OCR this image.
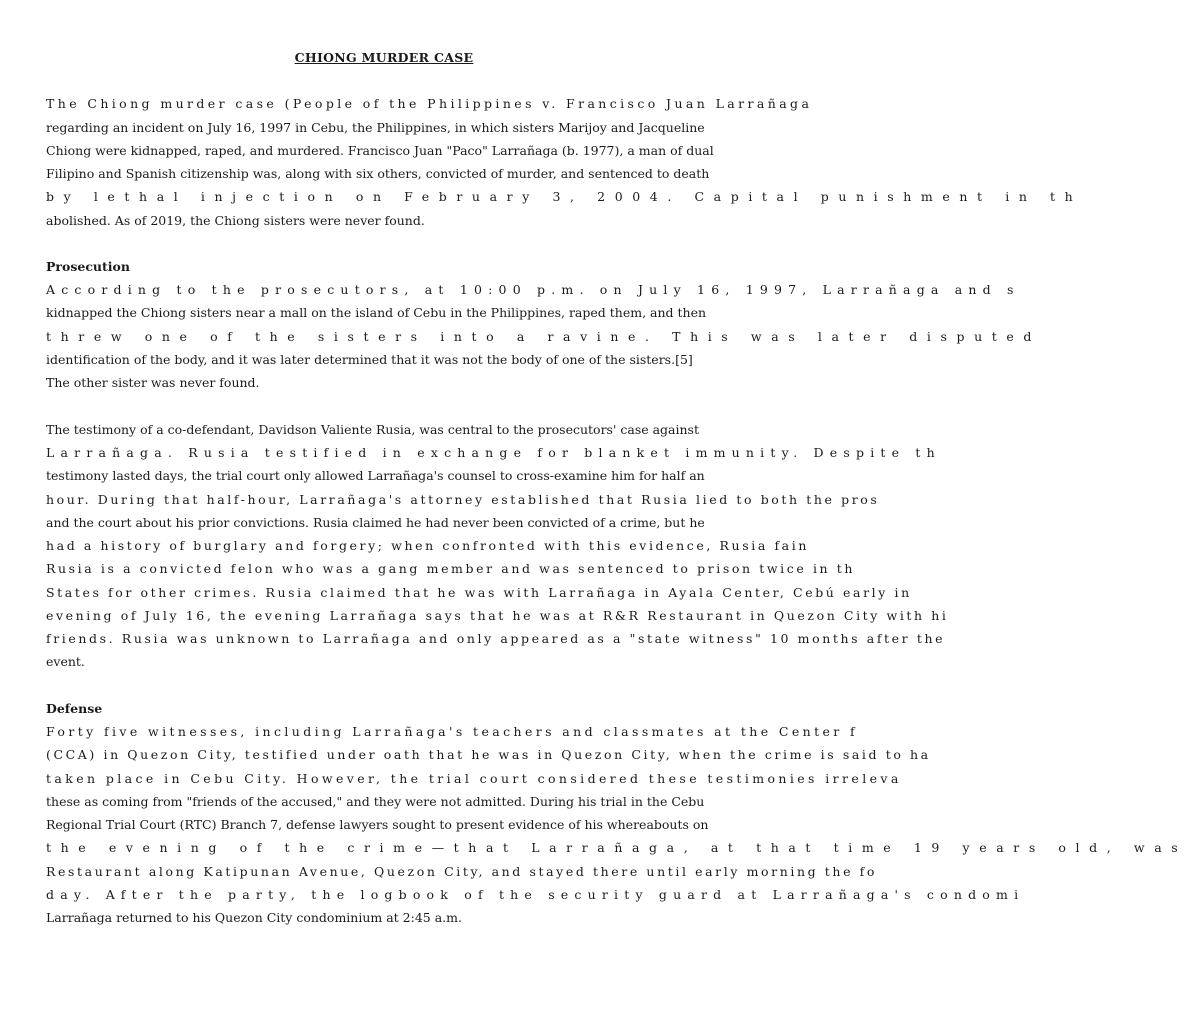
CHIONG MURDER CASE
The Chiong murder case (People of the Philippines v. Francisco Juan Larrañaga
regarding an incident on July 16, 1997 in Cebu, the Philippines, in which sisters Marijoy and Jacqueline
Chiong were kidnapped, raped, and murdered. Francisco Juan "Paco" Larrañaga (b. 1977), a man of dual
Filipino and Spanish citizenship was, along with six others, convicted of murder, and sentenced to death
by lethal injection on February 3, 2004. Capital punishment in th
abolished. As of 2019, the Chiong sisters were never found.
Prosecution
According to the prosecutors, at 10:00 p.m. on July 16, 1997, Larrañaga and s
kidnapped the Chiong sisters near a mall on the island of Cebu in the Philippines, raped them, and then
threw one of the sisters into a ravine. This was later disputed
identification of the body, and it was later determined that it was not the body of one of the sisters.[5]
The other sister was never found.
The testimony of a co-defendant, Davidson Valiente Rusia, was central to the prosecutors' case against
Larrañaga. Rusia testified in exchange for blanket immunity. Despite th
testimony lasted days, the trial court only allowed Larrañaga's counsel to cross-examine him for half an
hour. During that half-hour, Larrañaga's attorney established that Rusia lied to both the pros
and the court about his prior convictions. Rusia claimed he had never been convicted of a crime, but he
had a history of burglary and forgery; when confronted with this evidence, Rusia fain
Rusia is a convicted felon who was a gang member and was sentenced to prison twice in th
States for other crimes. Rusia claimed that he was with Larrañaga in Ayala Center, Cebú early in
evening of July 16, the evening Larrañaga says that he was at R&R Restaurant in Quezon City with hi
friends. Rusia was unknown to Larrañaga and only appeared as a "state witness" 10 months after the
event.
Defense
Forty five witnesses, including Larrañaga's teachers and classmates at the Center f
(CCA) in Quezon City, testified under oath that he was in Quezon City, when the crime is said to ha
taken place in Cebu City. However, the trial court considered these testimonies irreleva
these as coming from "friends of the accused," and they were not admitted. During his trial in the Cebu
Regional Trial Court (RTC) Branch 7, defense lawyers sought to present evidence of his whereabouts on
the evening of the crime—that Larrañaga, at that time 19 years old, was
Restaurant along Katipunan Avenue, Quezon City, and stayed there until early morning the fo
day. After the party, the logbook of the security guard at Larrañaga's condomi
Larrañaga returned to his Quezon City condominium at 2:45 a.m.
